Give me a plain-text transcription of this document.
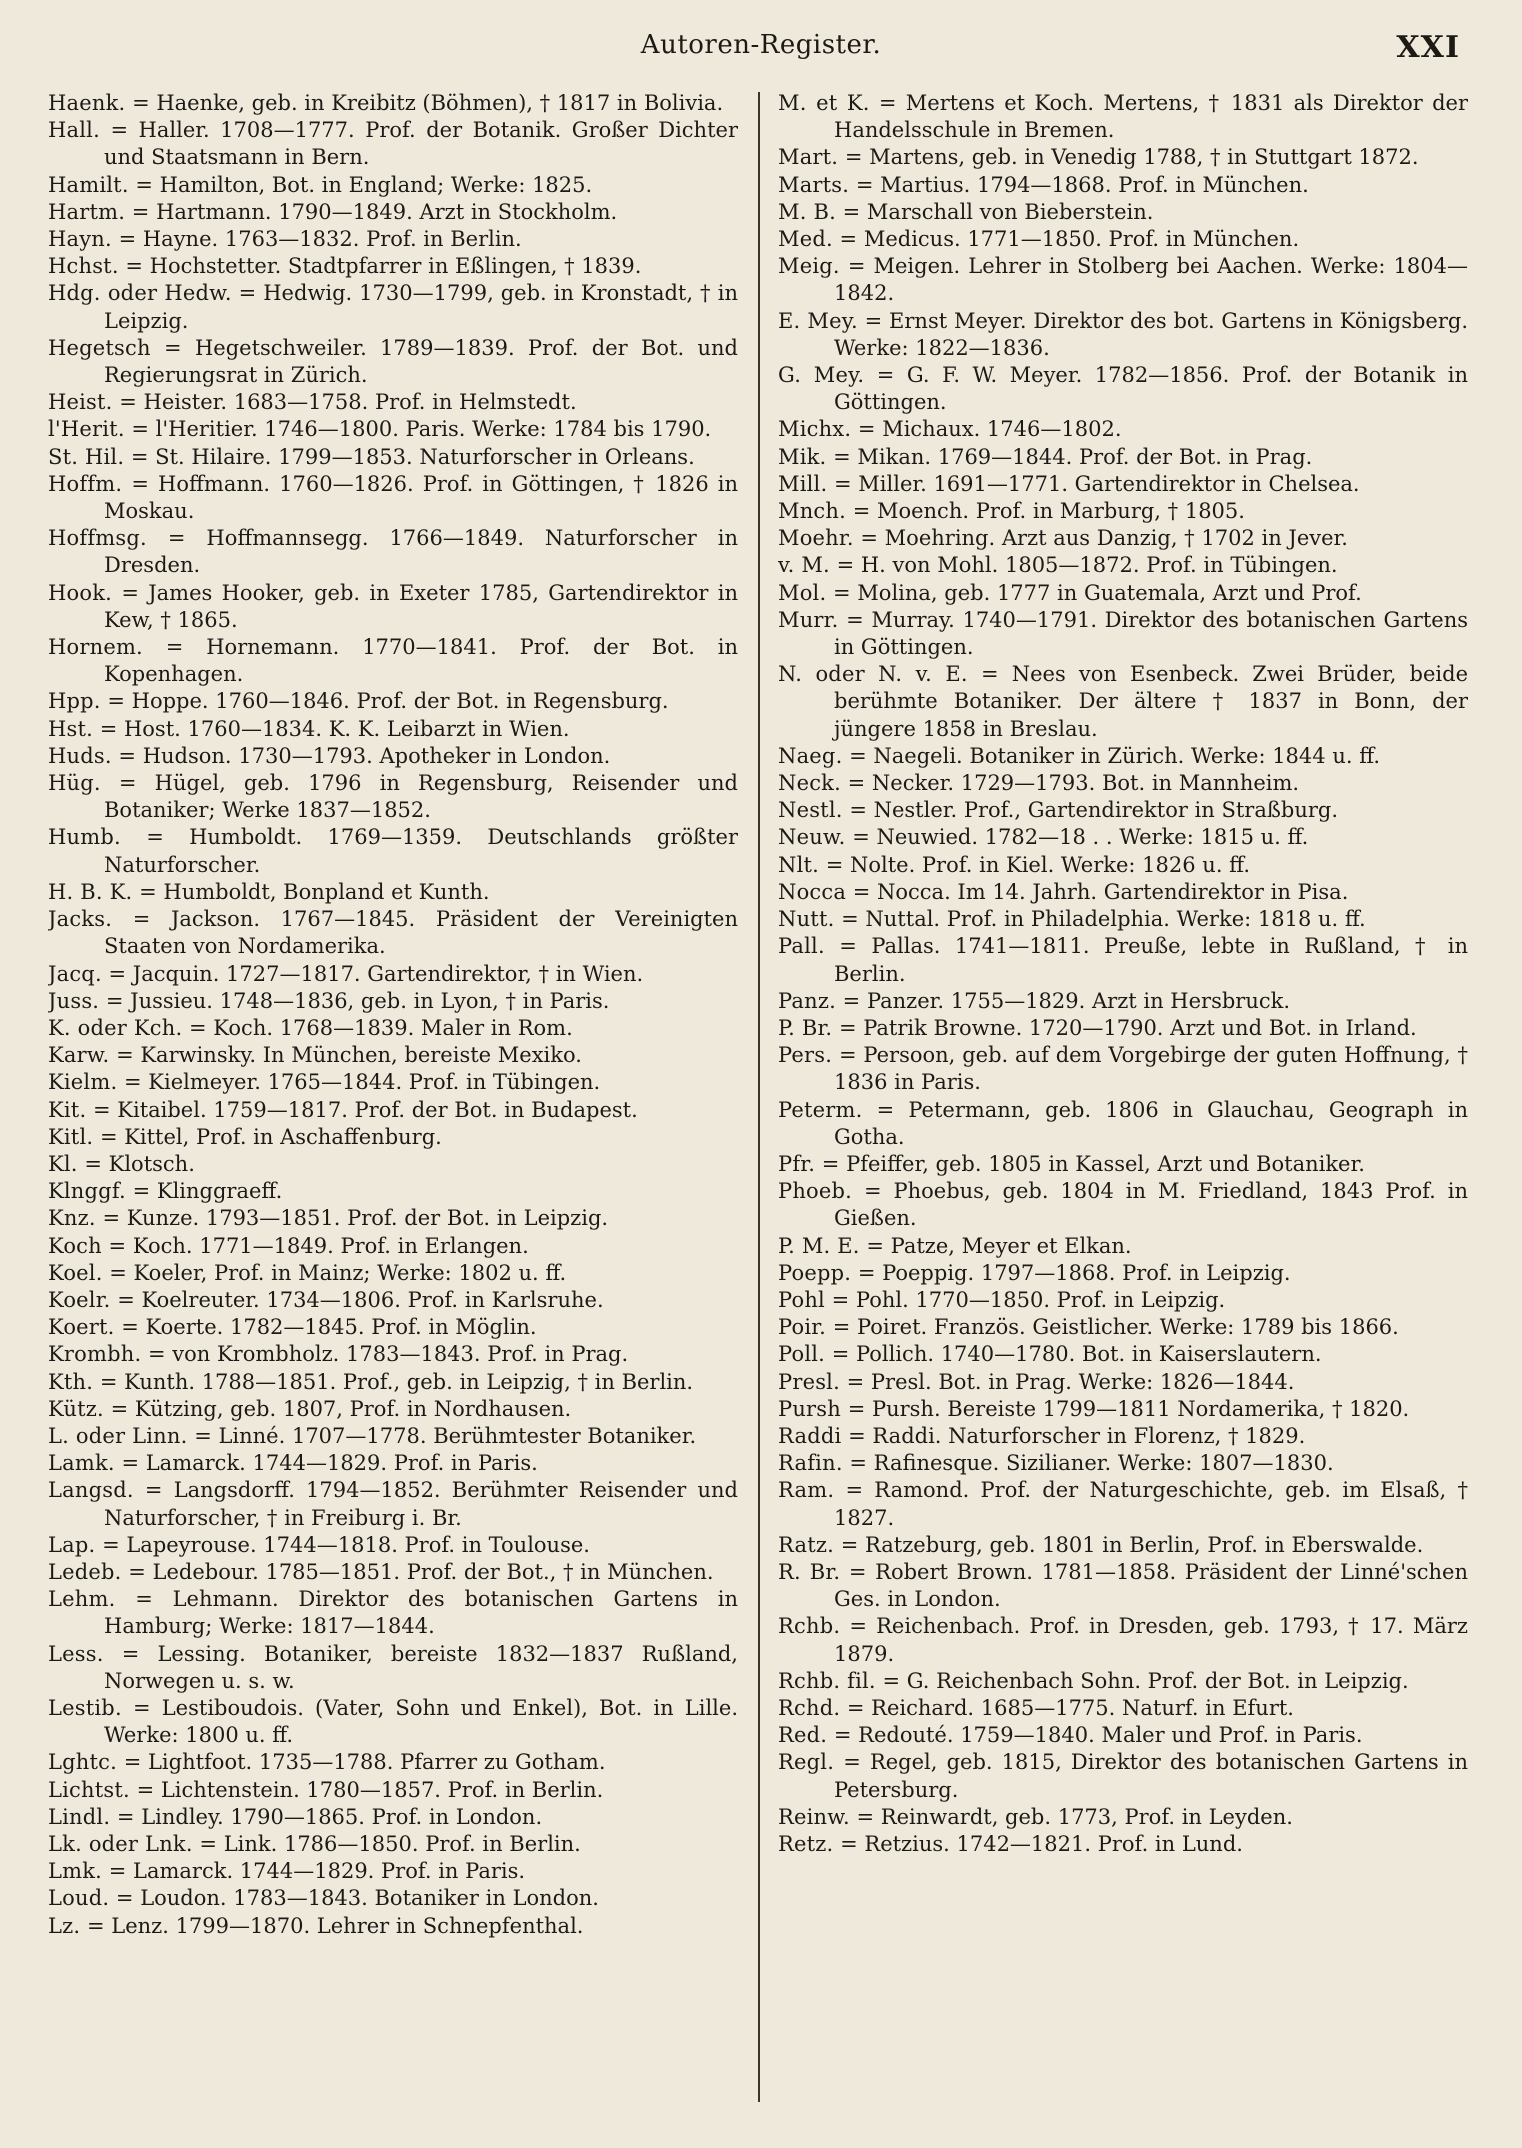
Autoren-Register.	XXI

Haenk. = Haenke, geb. in Kreibitz (Böhmen), † 1817 in Bolivia.

Hall. = Haller. 1708—1777. Prof. der Botanik. Großer Dichter und Staatsmann in Bern.

Hamilt. = Hamilton, Bot. in England; Werke: 1825.

Hartm. = Hartmann. 1790—1849. Arzt in Stockholm.

Hayn. = Hayne. 1763—1832. Prof. in Berlin.

Hchst. = Hochstetter. Stadtpfarrer in Eßlingen, † 1839.

Hdg. oder Hedw. = Hedwig. 1730—1799, geb. in Kronstadt, † in Leipzig.

Hegetsch = Hegetschweiler. 1789—1839. Prof. der Bot. und Regierungsrat in Zürich.

Heist. = Heister. 1683—1758. Prof. in Helmstedt.

l'Herit. = l'Heritier. 1746—1800. Paris. Werke: 1784 bis 1790.

St. Hil. = St. Hilaire. 1799—1853. Naturforscher in Orleans.

Hoffm. = Hoffmann. 1760—1826. Prof. in Göttingen, † 1826 in Moskau.

Hoffmsg. = Hoffmannsegg. 1766—1849. Naturforscher in Dresden.

Hook. = James Hooker, geb. in Exeter 1785, Gartendirektor in Kew, † 1865.

Hornem. = Hornemann. 1770—1841. Prof. der Bot. in Kopenhagen.

Hpp. = Hoppe. 1760—1846. Prof. der Bot. in Regensburg.

Hst. = Host. 1760—1834. K. K. Leibarzt in Wien.

Huds. = Hudson. 1730—1793. Apotheker in London.

Hüg. = Hügel, geb. 1796 in Regensburg, Reisender und Botaniker; Werke 1837—1852.

Humb. = Humboldt. 1769—1359. Deutschlands größter Naturforscher.

H. B. K. = Humboldt, Bonpland et Kunth.

Jacks. = Jackson. 1767—1845. Präsident der Vereinigten Staaten von Nordamerika.

Jacq. = Jacquin. 1727—1817. Gartendirektor, † in Wien.

Juss. = Jussieu. 1748—1836, geb. in Lyon, † in Paris.

K. oder Kch. = Koch. 1768—1839. Maler in Rom.

Karw. = Karwinsky. In München, bereiste Mexiko.

Kielm. = Kielmeyer. 1765—1844. Prof. in Tübingen.

Kit. = Kitaibel. 1759—1817. Prof. der Bot. in Budapest.

Kitl. = Kittel, Prof. in Aschaffenburg.

Kl. = Klotsch.

Klnggf. = Klinggraeff.

Knz. = Kunze. 1793—1851. Prof. der Bot. in Leipzig.

Koch = Koch. 1771—1849. Prof. in Erlangen.

Koel. = Koeler, Prof. in Mainz; Werke: 1802 u. ff.

Koelr. = Koelreuter. 1734—1806. Prof. in Karlsruhe.

Koert. = Koerte. 1782—1845. Prof. in Möglin.

Krombh. = von Krombholz. 1783—1843. Prof. in Prag.

Kth. = Kunth. 1788—1851. Prof., geb. in Leipzig, † in Berlin.

Kütz. = Kützing, geb. 1807, Prof. in Nordhausen.

L. oder Linn. = Linné. 1707—1778. Berühmtester Botaniker.

Lamk. = Lamarck. 1744—1829. Prof. in Paris.

Langsd. = Langsdorff. 1794—1852. Berühmter Reisender und Naturforscher, † in Freiburg i. Br.

Lap. = Lapeyrouse. 1744—1818. Prof. in Toulouse.

Ledeb. = Ledebour. 1785—1851. Prof. der Bot., † in München.

Lehm. = Lehmann. Direktor des botanischen Gartens in Hamburg; Werke: 1817—1844.

Less. = Lessing. Botaniker, bereiste 1832—1837 Rußland, Norwegen u. s. w.

Lestib. = Lestiboudois. (Vater, Sohn und Enkel), Bot. in Lille. Werke: 1800 u. ff.

Lghtc. = Lightfoot. 1735—1788. Pfarrer zu Gotham.

Lichtst. = Lichtenstein. 1780—1857. Prof. in Berlin.

Lindl. = Lindley. 1790—1865. Prof. in London.

Lk. oder Lnk. = Link. 1786—1850. Prof. in Berlin.

Lmk. = Lamarck. 1744—1829. Prof. in Paris.

Loud. = Loudon. 1783—1843. Botaniker in London.

Lz. = Lenz. 1799—1870. Lehrer in Schnepfenthal.

M. et K. = Mertens et Koch. Mertens, † 1831 als Direktor der Handelsschule in Bremen.

Mart. = Martens, geb. in Venedig 1788, † in Stuttgart 1872.

Marts. = Martius. 1794—1868. Prof. in München.

M. B. = Marschall von Bieberstein.

Med. = Medicus. 1771—1850. Prof. in München.

Meig. = Meigen. Lehrer in Stolberg bei Aachen. Werke: 1804—1842.

E. Mey. = Ernst Meyer. Direktor des bot. Gartens in Königsberg. Werke: 1822—1836.

G. Mey. = G. F. W. Meyer. 1782—1856. Prof. der Botanik in Göttingen.

Michx. = Michaux. 1746—1802.

Mik. = Mikan. 1769—1844. Prof. der Bot. in Prag.

Mill. = Miller. 1691—1771. Gartendirektor in Chelsea.

Mnch. = Moench. Prof. in Marburg, † 1805.

Moehr. = Moehring. Arzt aus Danzig, † 1702 in Jever.

v. M. = H. von Mohl. 1805—1872. Prof. in Tübingen.

Mol. = Molina, geb. 1777 in Guatemala, Arzt und Prof.

Murr. = Murray. 1740—1791. Direktor des botanischen Gartens in Göttingen.

N. oder N. v. E. = Nees von Esenbeck. Zwei Brüder, beide berühmte Botaniker. Der ältere † 1837 in Bonn, der jüngere 1858 in Breslau.

Naeg. = Naegeli. Botaniker in Zürich. Werke: 1844 u. ff.

Neck. = Necker. 1729—1793. Bot. in Mannheim.

Nestl. = Nestler. Prof., Gartendirektor in Straßburg.

Neuw. = Neuwied. 1782—18 . . Werke: 1815 u. ff.

Nlt. = Nolte. Prof. in Kiel. Werke: 1826 u. ff.

Nocca = Nocca. Im 14. Jahrh. Gartendirektor in Pisa.

Nutt. = Nuttal. Prof. in Philadelphia. Werke: 1818 u. ff.

Pall. = Pallas. 1741—1811. Preuße, lebte in Rußland, † in Berlin.

Panz. = Panzer. 1755—1829. Arzt in Hersbruck.

P. Br. = Patrik Browne. 1720—1790. Arzt und Bot. in Irland.

Pers. = Persoon, geb. auf dem Vorgebirge der guten Hoffnung, † 1836 in Paris.

Peterm. = Petermann, geb. 1806 in Glauchau, Geograph in Gotha.

Pfr. = Pfeiffer, geb. 1805 in Kassel, Arzt und Botaniker.

Phoeb. = Phoebus, geb. 1804 in M. Friedland, 1843 Prof. in Gießen.

P. M. E. = Patze, Meyer et Elkan.

Poepp. = Poeppig. 1797—1868. Prof. in Leipzig.

Pohl = Pohl. 1770—1850. Prof. in Leipzig.

Poir. = Poiret. Französ. Geistlicher. Werke: 1789 bis 1866.

Poll. = Pollich. 1740—1780. Bot. in Kaiserslautern.

Presl. = Presl. Bot. in Prag. Werke: 1826—1844.

Pursh = Pursh. Bereiste 1799—1811 Nordamerika, † 1820.

Raddi = Raddi. Naturforscher in Florenz, † 1829.

Rafin. = Rafinesque. Sizilianer. Werke: 1807—1830.

Ram. = Ramond. Prof. der Naturgeschichte, geb. im Elsaß, † 1827.

Ratz. = Ratzeburg, geb. 1801 in Berlin, Prof. in Eberswalde.

R. Br. = Robert Brown. 1781—1858. Präsident der Linné'schen Ges. in London.

Rchb. = Reichenbach. Prof. in Dresden, geb. 1793, † 17. März 1879.

Rchb. fil. = G. Reichenbach Sohn. Prof. der Bot. in Leipzig.

Rchd. = Reichard. 1685—1775. Naturf. in Efurt.

Red. = Redouté. 1759—1840. Maler und Prof. in Paris.

Regl. = Regel, geb. 1815, Direktor des botanischen Gartens in Petersburg.

Reinw. = Reinwardt, geb. 1773, Prof. in Leyden.

Retz. = Retzius. 1742—1821. Prof. in Lund.
